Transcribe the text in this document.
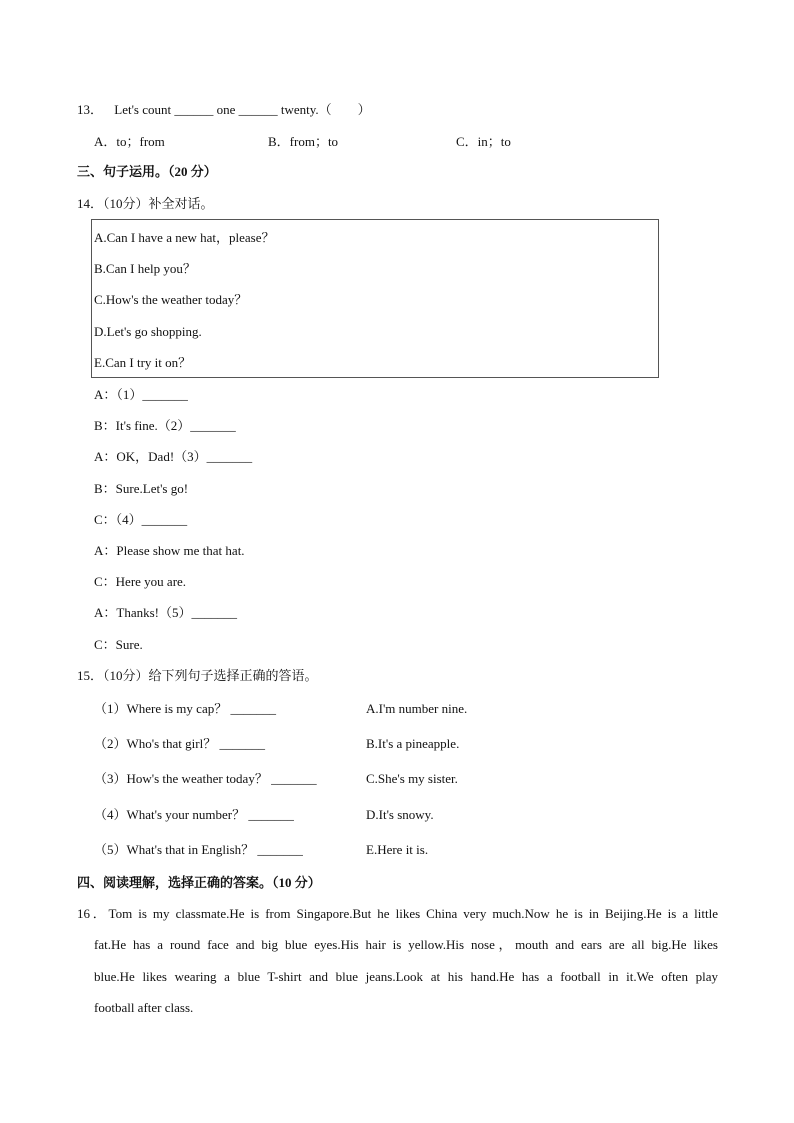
13． Let's count ______ one ______ twenty.（　　）
A．to；from	B．from；to	C．in；to
三、句子运用。（20 分）
14．（10分）补全对话。
A.Can I have a new hat，please？
B.Can I help you？
C.How's the weather today？
D.Let's go shopping.
E.Can I try it on？
A：（1）_______
B：It's fine.（2）_______
A：OK，Dad!（3）_______
B：Sure.Let's go!
C：（4）_______
A：Please show me that hat.
C：Here you are.
A：Thanks!（5）_______
C：Sure.
15．（10分）给下列句子选择正确的答语。
（1）Where is my cap？ _______
（2）Who's that girl？ _______
（3）How's the weather today？ _______
（4）What's your number？ _______
（5）What's that in English？ _______
A.I'm number nine.
B.It's a pineapple.
C.She's my sister.
D.It's snowy.
E.Here it is.
四、阅读理解，选择正确的答案。（10 分）
16．Tom is my classmate.He is from Singapore.But he likes China very much.Now he is in Beijing.He is a little
fat.He has a round face and big blue eyes.His hair is yellow.His nose，mouth and ears are all big.He likes
blue.He likes wearing a blue T-shirt and blue jeans.Look at his hand.He has a football in it.We often play
football after class.
